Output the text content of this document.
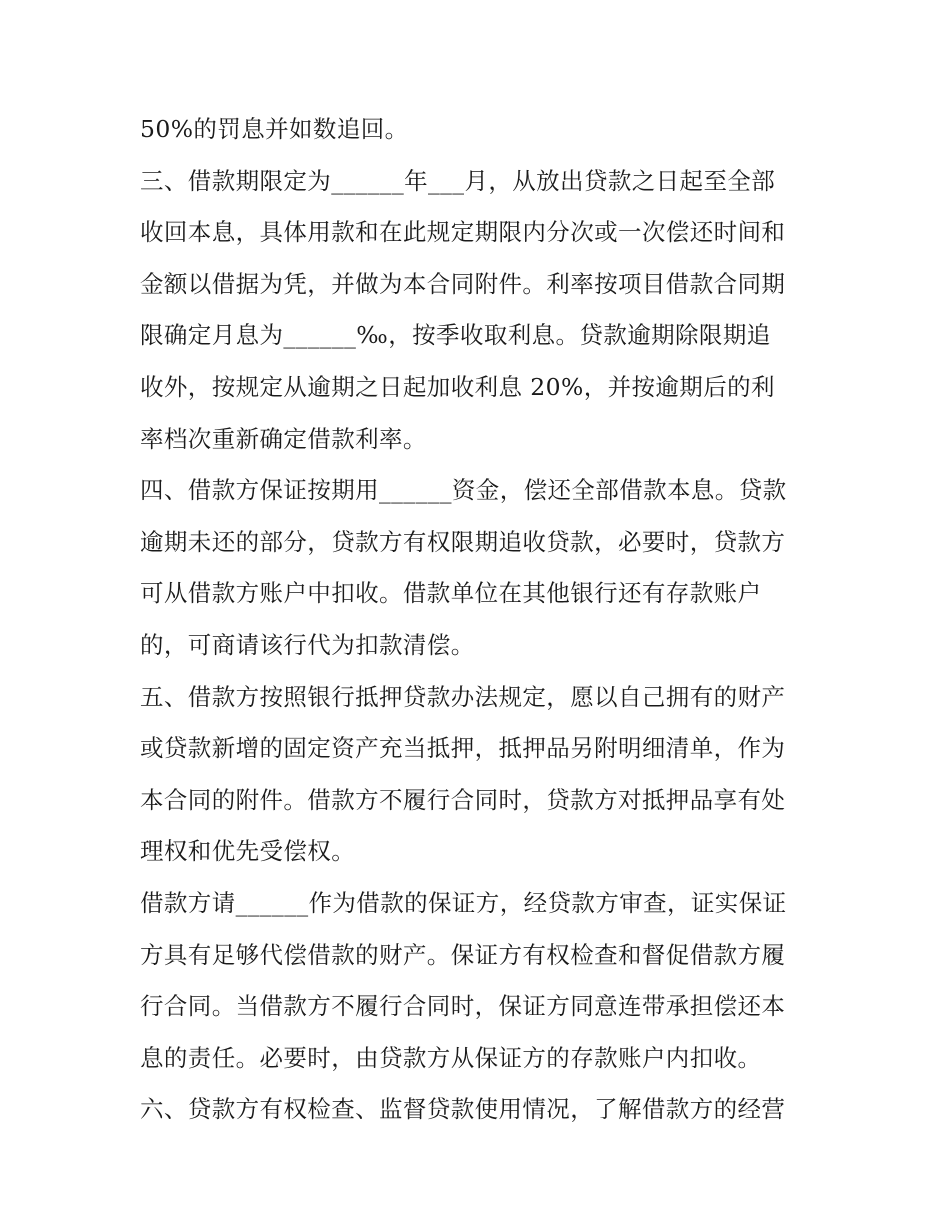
50%的罚息并如数追回。
三、借款期限定为______年___月，从放出贷款之日起至全部
收回本息，具体用款和在此规定期限内分次或一次偿还时间和
金额以借据为凭，并做为本合同附件。利率按项目借款合同期
限确定月息为______‰，按季收取利息。贷款逾期除限期追
收外，按规定从逾期之日起加收利息 20%，并按逾期后的利
率档次重新确定借款利率。
四、借款方保证按期用______资金，偿还全部借款本息。贷款
逾期未还的部分，贷款方有权限期追收贷款，必要时，贷款方
可从借款方账户中扣收。借款单位在其他银行还有存款账户
的，可商请该行代为扣款清偿。
五、借款方按照银行抵押贷款办法规定，愿以自己拥有的财产
或贷款新增的固定资产充当抵押，抵押品另附明细清单，作为
本合同的附件。借款方不履行合同时，贷款方对抵押品享有处
理权和优先受偿权。
借款方请______作为借款的保证方，经贷款方审查，证实保证
方具有足够代偿借款的财产。保证方有权检查和督促借款方履
行合同。当借款方不履行合同时，保证方同意连带承担偿还本
息的责任。必要时，由贷款方从保证方的存款账户内扣收。
六、贷款方有权检查、监督贷款使用情况，了解借款方的经营
